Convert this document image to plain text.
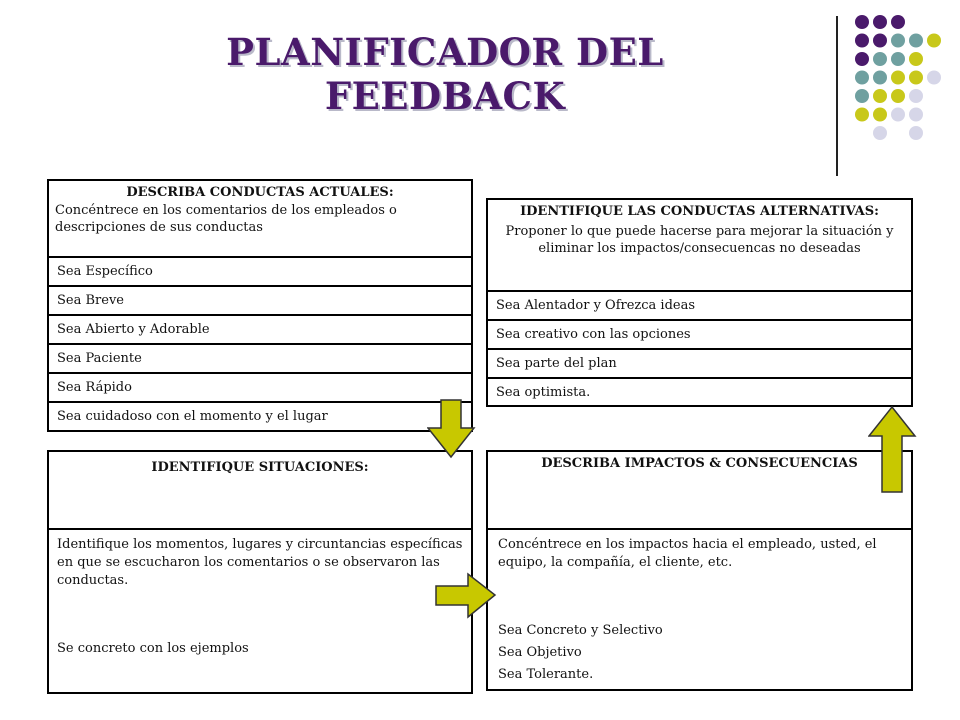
PLANIFICADOR DEL
FEEDBACK

DESCRIBA CONDUCTAS ACTUALES:

Concéntrece en los comentarios de los empleados o descripciones de sus conductas
Sea Específico
Sea Breve
Sea Abierto y Adorable
Sea Paciente
Sea Rápido
Sea cuidadoso con el momento y el lugar

IDENTIFIQUE LAS CONDUCTAS ALTERNATIVAS:

Proponer lo que puede hacerse para mejorar la situación y eliminar los impactos/consecuencas no deseadas
Sea Alentador y Ofrezca ideas
Sea creativo con las opciones
Sea parte del plan
Sea optimista.

IDENTIFIQUE SITUACIONES:

Identifique los momentos, lugares y circuntancias específicas en que se escucharon los comentarios o se observaron las conductas.
Se concreto con los ejemplos

DESCRIBA IMPACTOS & CONSECUENCIAS

Concéntrece en los impactos hacia el empleado, usted, el equipo, la compañía, el cliente, etc.
Sea Concreto y Selectivo
Sea Objetivo
Sea Tolerante.
